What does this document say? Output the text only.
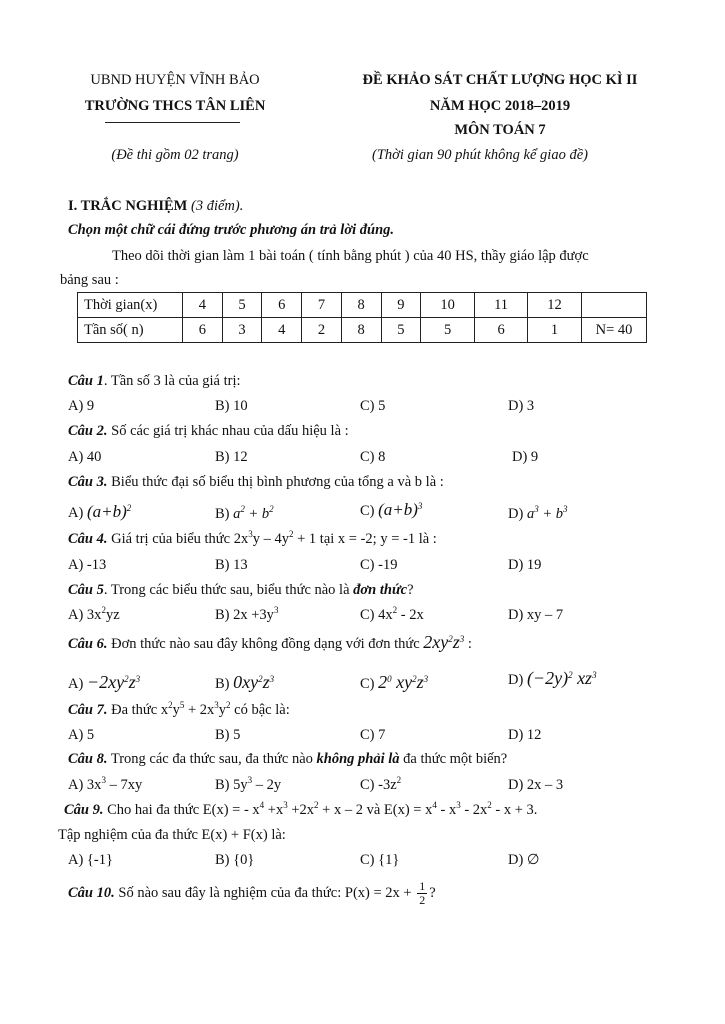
UBND HUYỆN VĨNH BẢO
TRƯỜNG THCS TÂN LIÊN
(Đề thi gồm 02 trang)
ĐỀ KHẢO SÁT CHẤT LƯỢNG HỌC KÌ II
NĂM HỌC 2018–2019
MÔN TOÁN 7
(Thời gian 90 phút không kể giao đề)
I. TRẮC NGHIỆM (3 điểm).
Chọn một chữ cái đứng trước phương án trả lời đúng.
Theo dõi thời gian làm 1 bài toán ( tính bằng phút ) của 40 HS, thầy giáo lập được
bảng sau :
Thời gian(x)	4	5	6	7	8	9	10	11	12	
Tần số( n)	6	3	4	2	8	5	5	6	1	N= 40
Câu 1. Tần số 3 là của giá trị:
A) 9	B) 10	C) 5	D) 3
Câu 2. Số các giá trị khác nhau của dấu hiệu là :
A) 40	B) 12	C) 8	D) 9
Câu 3. Biểu thức đại số biểu thị bình phương của tổng a và b là :
A) $(a+b)^2$	B) $a^2 + b^2$	C) $(a+b)^3$	D) $a^3 + b^3$
Câu 4. Giá trị của biểu thức $2x^3y - 4y^2 + 1$ tại x = -2; y = -1 là :
A) -13	B) 13	C) -19	D) 19
Câu 5. Trong các biểu thức sau, biểu thức nào là đơn thức?
A) $3x^2yz$	B) $2x +3y^3$	C) $4x^2 - 2x$	D) xy – 7
Câu 6. Đơn thức nào sau đây không đồng dạng với đơn thức $2xy^2z^3$ :
$A) -2xy^2z^3$	B) $0xy^2z^3$	C) $2^0$ $xy^2z^3$	D) $(-2y)^2$ $xz^3$
Câu 7. Đa thức $x^2y^5 + 2x^3y^2$ có bậc là:
A) 5	B) 5	C) 7	D) 12
Câu 8. Trong các đa thức sau, đa thức nào không phải là đa thức một biến?
A) $3x^3 - 7xy$	B) $5y^3 - 2y$	C) $-3z^2$	D) 2x – 3
Câu 9. Cho hai đa thức E(x) = - $x^4 +x^3 +2x^2 + x - 2$ và $E(x) = x^4 - x^3 - 2x^2 - x + 3$.
Tập nghiệm của đa thức E(x) + F(x) là:
A) {-1}	B) {0}	C) {1}	D) ∅
Câu 10. Số nào sau đây là nghiệm của đa thức: $P(x) = 2x + \frac{1}{2}$ ?
